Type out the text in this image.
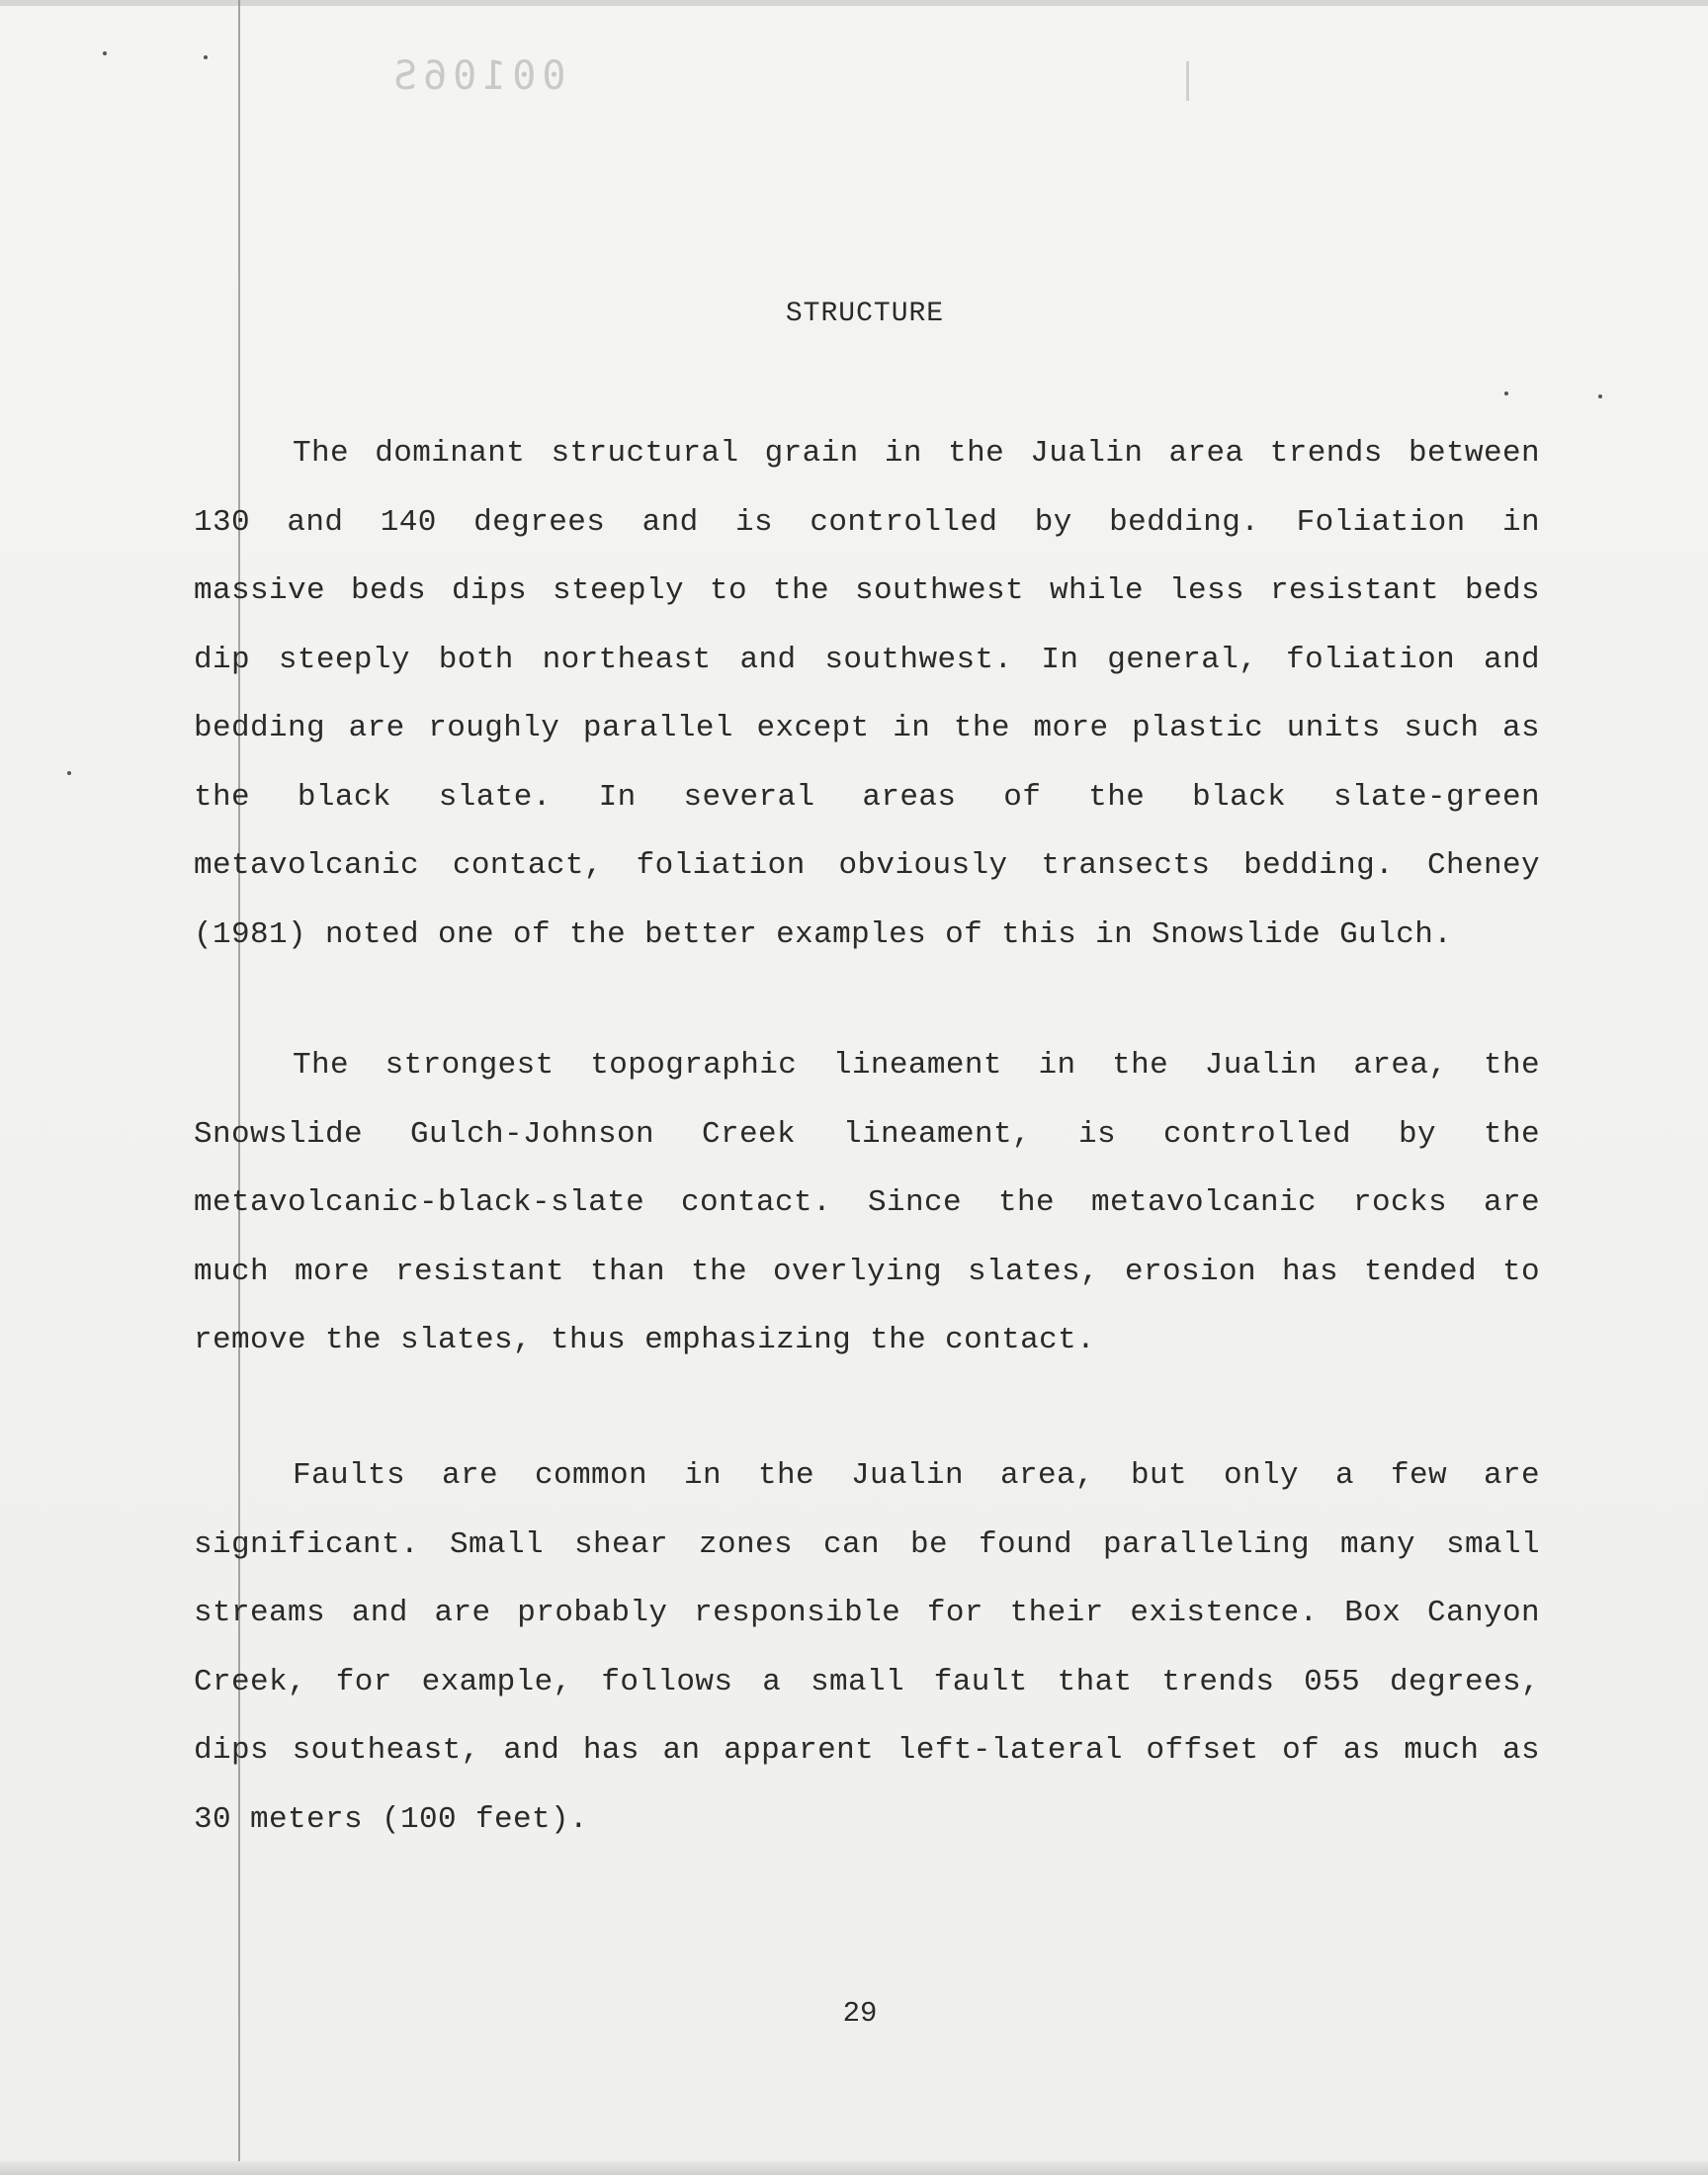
00106S
STRUCTURE
The dominant structural grain in the Jualin area trends between
130 and 140 degrees and is controlled by bedding. Foliation in
massive beds dips steeply to the southwest while less resistant beds
dip steeply both northeast and southwest. In general, foliation and
bedding are roughly parallel except in the more plastic units such as
the black slate. In several areas of the black slate-green
metavolcanic contact, foliation obviously transects bedding. Cheney
(1981) noted one of the better examples of this in Snowslide Gulch.
The strongest topographic lineament in the Jualin area, the
Snowslide Gulch-Johnson Creek lineament, is controlled by the
metavolcanic-black-slate contact. Since the metavolcanic rocks are
much more resistant than the overlying slates, erosion has tended to
remove the slates, thus emphasizing the contact.
Faults are common in the Jualin area, but only a few are
significant. Small shear zones can be found paralleling many small
streams and are probably responsible for their existence. Box Canyon
Creek, for example, follows a small fault that trends 055 degrees,
dips southeast, and has an apparent left-lateral offset of as much as
30 meters (100 feet).
29
